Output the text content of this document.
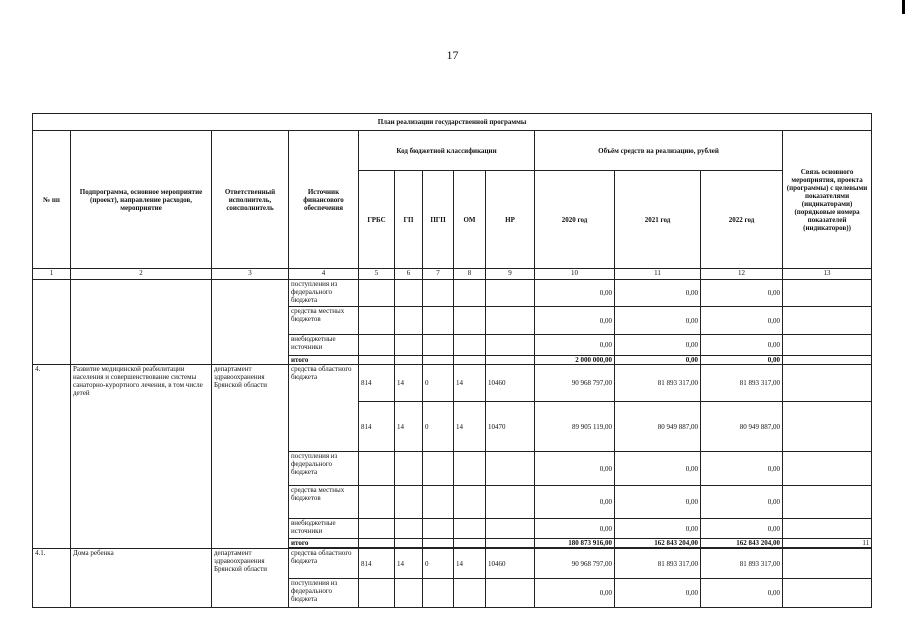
17
План реализации государственной программы												
№ пп	Подпрограмма, основное мероприятие (проект), направление расходов, мероприятие	Ответственный исполнитель, соисполнитель	Источник финансового обеспечения	Код бюджетной классификации					Объём средств на реализацию, рублей			Связь основного мероприятия, проекта (программы) с целевыми показателями (индикаторами) (порядковые номера показателей (индикаторов))
				ГРБС	ГП	ПГП	ОМ	НР	2020 год	2021 год	2022 год	
1	2	3	4	5	6	7	8	9	10	11	12	13
			поступления из федерального бюджета						0,00	0,00	0,00	
			средства местных бюджетов						0,00	0,00	0,00	
			внебюджетные источники						0,00	0,00	0,00	
			итого						2 000 000,00	0,00	0,00	
4.	Развитие медицинской реабилитации населения и совершенствование системы санаторно-курортного лечения, в том числе детей	департамент здравоохранения Брянской области	средства областного бюджета	814	14	0	14	10460	90 968 797,00	81 893 317,00	81 893 317,00	
				814	14	0	14	10470	89 905 119,00	80 949 887,00	80 949 887,00	
			поступления из федерального бюджета						0,00	0,00	0,00	
			средства местных бюджетов						0,00	0,00	0,00	
			внебюджетные источники						0,00	0,00	0,00	
			итого						180 873 916,00	162 843 204,00	162 843 204,00	11

4.1.	Дома ребенка	департамент здравоохранения Брянской области	средства областного бюджета	814	14	0	14	10460	90 968 797,00	81 893 317,00	81 893 317,00	
			поступления из федерального бюджета						0,00	0,00	0,00	
